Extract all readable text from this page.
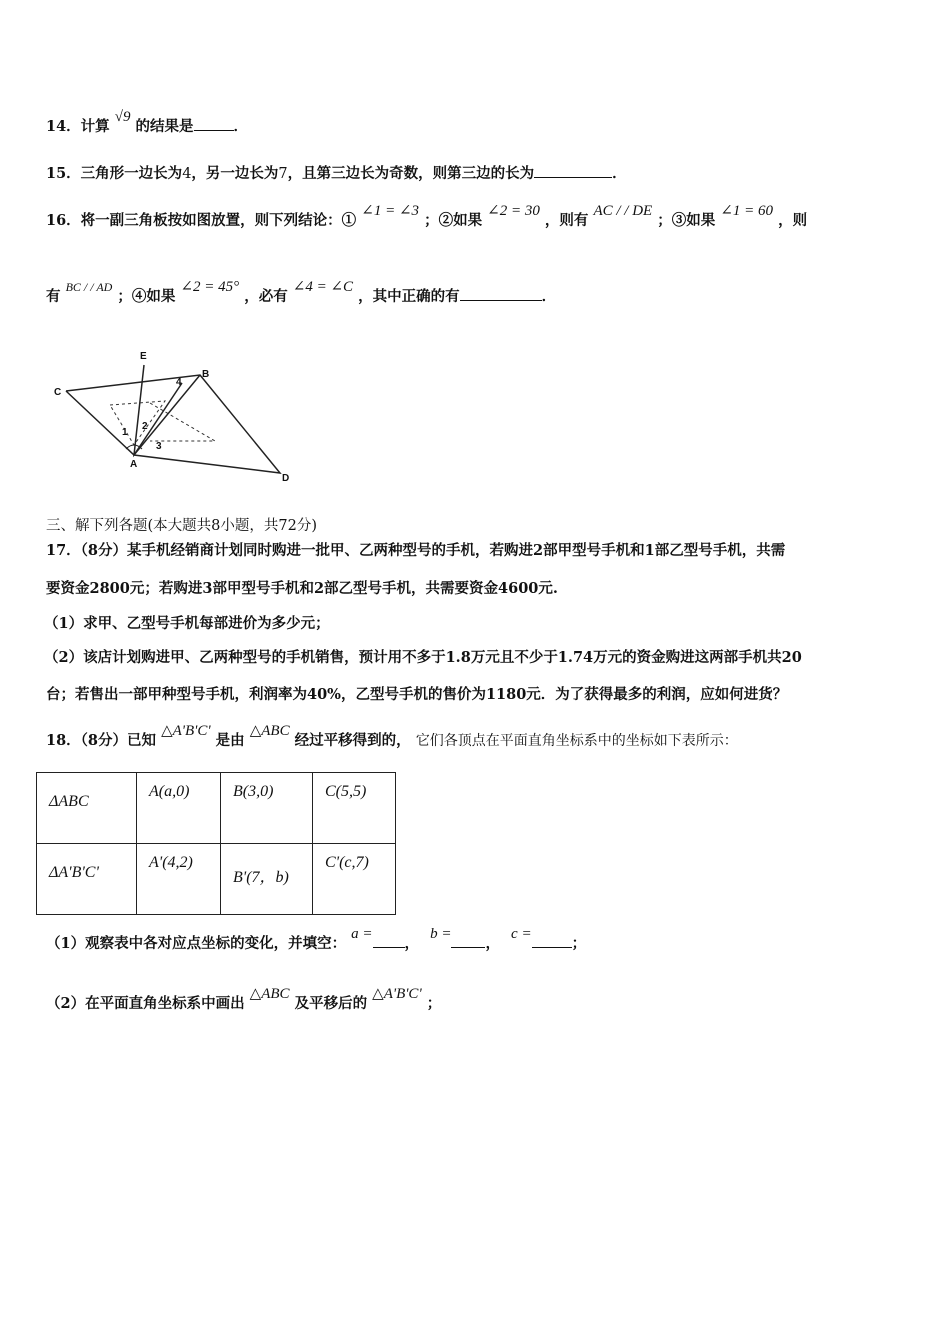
14．计算 √9 的结果是	．
15．三角形一边长为4，另一边长为7，且第三边长为奇数，则第三边的长为	．
16．将一副三角板按如图放置，则下列结论：① ∠1 = ∠3 ；②如果 ∠2 = 30 ，则有 AC / / DE ；③如果 ∠1 = 60 ，则
有 BC / / AD ；④如果 ∠2 = 45° ，必有 ∠4 = ∠C ，其中正确的有	．
E
B
C
A
D
1
2
3
4
三、解下列各题(本大题共8小题，共72分)
17．（8分）某手机经销商计划同时购进一批甲、乙两种型号的手机，若购进2部甲型号手机和1部乙型号手机，共需
要资金2800元；若购进3部甲型号手机和2部乙型号手机，共需要资金4600元.
（1）求甲、乙型号手机每部进价为多少元；
（2）该店计划购进甲、乙两种型号的手机销售，预计用不多于1.8万元且不少于1.74万元的资金购进这两部手机共20
台；若售出一部甲种型号手机，利润率为40%，乙型号手机的售价为1180元．为了获得最多的利润，应如何进货？
18．（8分）已知 △A'B'C' 是由 △ABC 经过平移得到的， 它们各顶点在平面直角坐标系中的坐标如下表所示：
ΔABC	A(a,0)	B(3,0)	C(5,5)
ΔA'B'C'	A'(4,2)	B'(7，b)	C'(c,7)
（1）观察表中各对应点坐标的变化，并填空： a =， b =， c =；
（2）在平面直角坐标系中画出 △ABC 及平移后的 △A'B'C' ；
